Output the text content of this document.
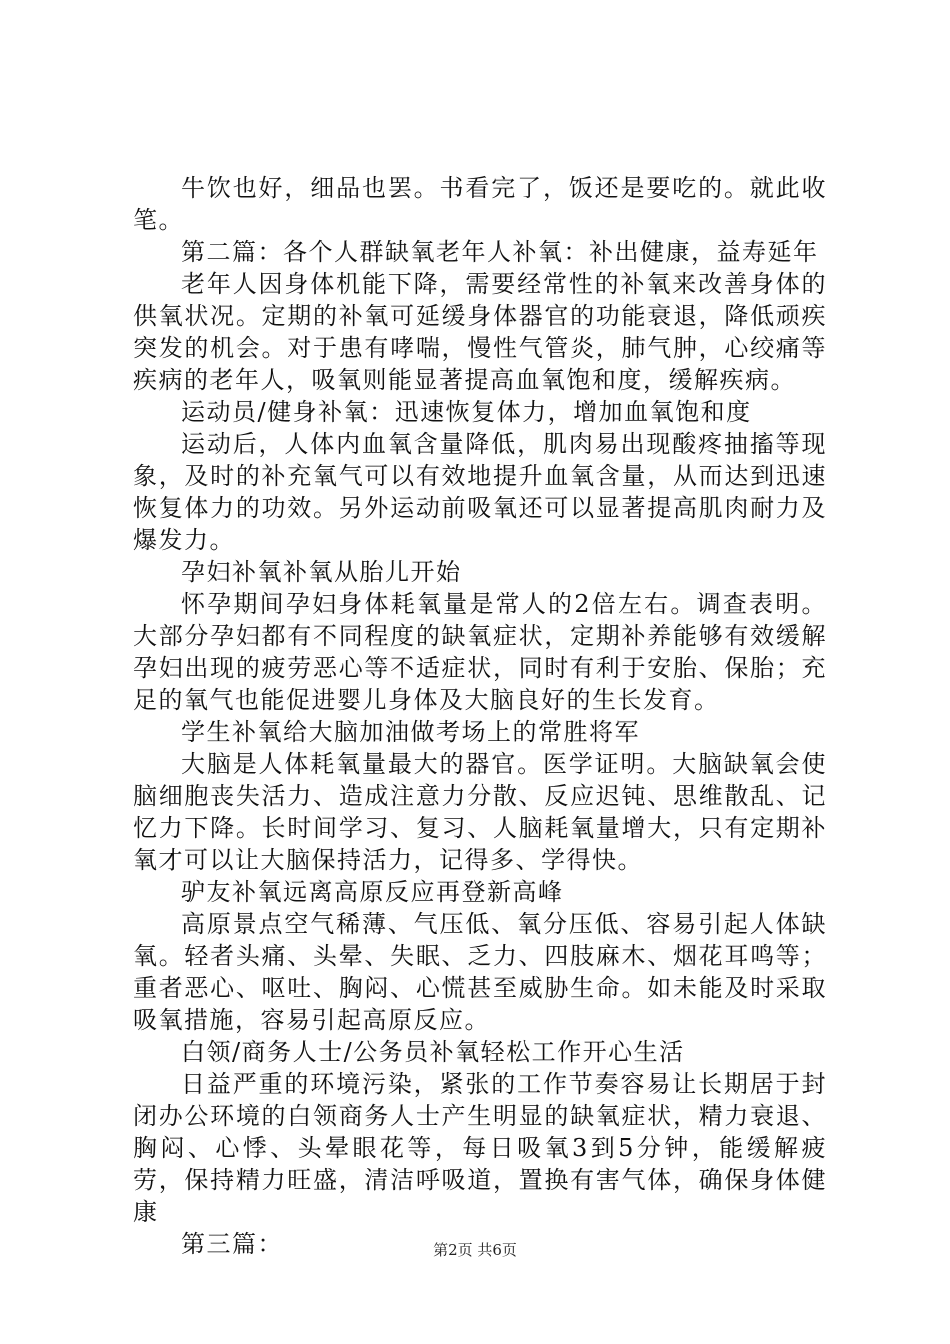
牛饮也好，细品也罢。书看完了，饭还是要吃的。就此收笔。

第二篇：各个人群缺氧老年人补氧：补出健康，益寿延年

老年人因身体机能下降，需要经常性的补氧来改善身体的供氧状况。定期的补氧可延缓身体器官的功能衰退，降低顽疾突发的机会。对于患有哮喘，慢性气管炎，肺气肿，心绞痛等疾病的老年人，吸氧则能显著提高血氧饱和度，缓解疾病。

运动员/健身补氧：迅速恢复体力，增加血氧饱和度

运动后，人体内血氧含量降低，肌肉易出现酸疼抽搐等现象，及时的补充氧气可以有效地提升血氧含量，从而达到迅速恢复体力的功效。另外运动前吸氧还可以显著提高肌肉耐力及爆发力。

孕妇补氧补氧从胎儿开始

怀孕期间孕妇身体耗氧量是常人的2倍左右。调查表明。大部分孕妇都有不同程度的缺氧症状，定期补养能够有效缓解孕妇出现的疲劳恶心等不适症状，同时有利于安胎、保胎；充足的氧气也能促进婴儿身体及大脑良好的生长发育。

学生补氧给大脑加油做考场上的常胜将军

大脑是人体耗氧量最大的器官。医学证明。大脑缺氧会使脑细胞丧失活力、造成注意力分散、反应迟钝、思维散乱、记忆力下降。长时间学习、复习、人脑耗氧量增大，只有定期补氧才可以让大脑保持活力，记得多、学得快。

驴友补氧远离高原反应再登新高峰

高原景点空气稀薄、气压低、氧分压低、容易引起人体缺氧。轻者头痛、头晕、失眠、乏力、四肢麻木、烟花耳鸣等；重者恶心、呕吐、胸闷、心慌甚至威胁生命。如未能及时采取吸氧措施，容易引起高原反应。

白领/商务人士/公务员补氧轻松工作开心生活

日益严重的环境污染，紧张的工作节奏容易让长期居于封闭办公环境的白领商务人士产生明显的缺氧症状，精力衰退、胸闷、心悸、头晕眼花等，每日吸氧3到5分钟，能缓解疲劳，保持精力旺盛，清洁呼吸道，置换有害气体，确保身体健康

第三篇：	第2页 共6页
